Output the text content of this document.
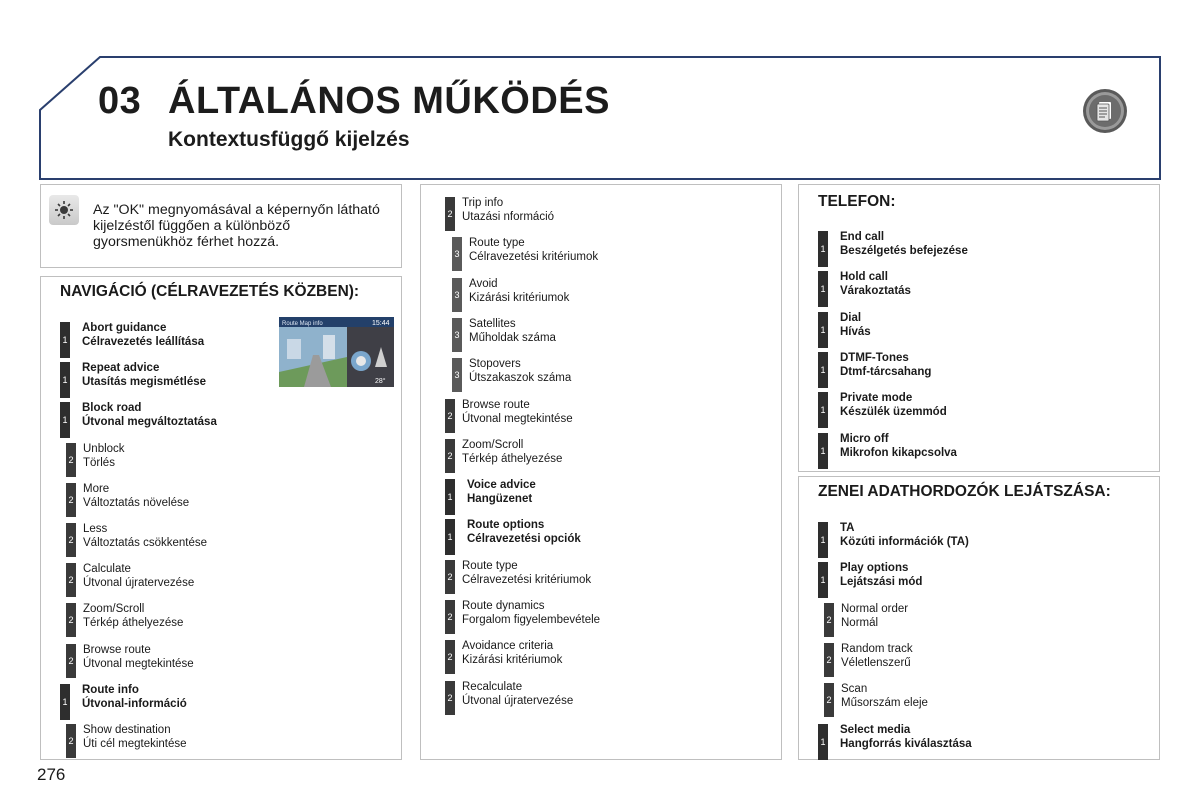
03 ÁLTALÁNOS MŰKÖDÉS
Kontextusfüggő kijelzés
Az "OK" megnyomásával a képernyőn látható kijelzéstől függően a különböző gyorsmenükhöz férhet hozzá.
NAVIGÁCIÓ (CÉLRAVEZETÉS KÖZBEN):
Route Map info	15:44
28°
1
Abort guidance
Célravezetés leállítása
1
Repeat advice
Utasítás megismétlése
1
Block road
Útvonal megváltoztatása
2
Unblock
Törlés
2
More
Változtatás növelése
2
Less
Változtatás csökkentése
2
Calculate
Útvonal újratervezése
2
Zoom/Scroll
Térkép áthelyezése
2
Browse route
Útvonal megtekintése
1
Route info
Útvonal-információ
2
Show destination
Úti cél megtekintése
2
Trip info
Utazási nformáció
3
Route type
Célravezetési kritériumok
3
Avoid
Kizárási kritériumok
3
Satellites
Műholdak száma
3
Stopovers
Útszakaszok száma
2
Browse route
Útvonal megtekintése
2
Zoom/Scroll
Térkép áthelyezése
1
Voice advice
Hangüzenet
1
Route options
Célravezetési opciók
2
Route type
Célravezetési kritériumok
2
Route dynamics
Forgalom figyelembevétele
2
Avoidance criteria
Kizárási kritériumok
2
Recalculate
Útvonal újratervezése
TELEFON:
1
End call
Beszélgetés befejezése
1
Hold call
Várakoztatás
1
Dial
Hívás
1
DTMF-Tones
Dtmf-tárcsahang
1
Private mode
Készülék üzemmód
1
Micro off
Mikrofon kikapcsolva
ZENEI ADATHORDOZÓK LEJÁTSZÁSA:
1
TA
Közúti információk (TA)
1
Play options
Lejátszási mód
2
Normal order
Normál
2
Random track
Véletlenszerű
2
Scan
Műsorszám eleje
1
Select media
Hangforrás kiválasztása
276
